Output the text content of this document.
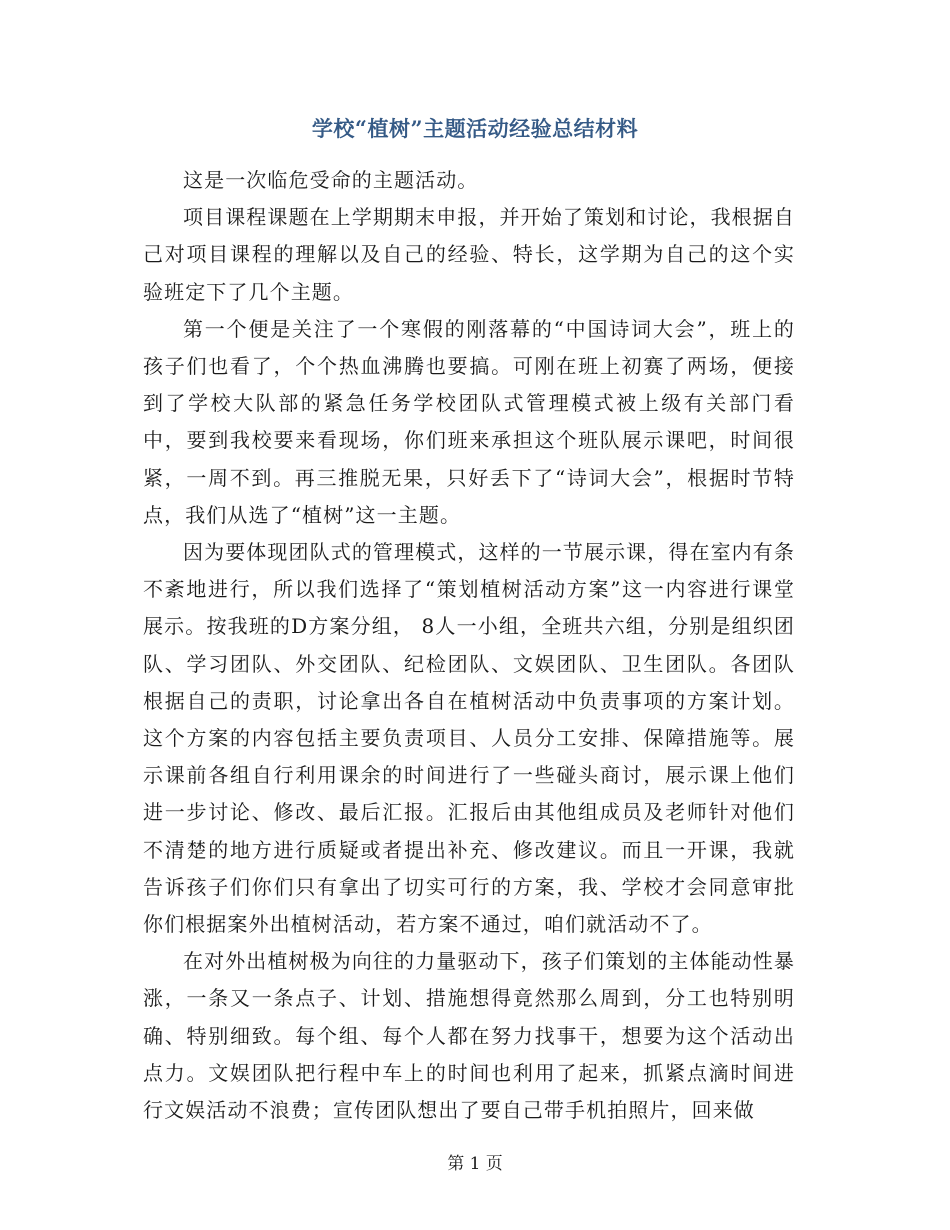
学校“植树”主题活动经验总结材料

这是一次临危受命的主题活动。

项目课程课题在上学期期末申报，并开始了策划和讨论，我根据自己对项目课程的理解以及自己的经验、特长，这学期为自己的这个实验班定下了几个主题。

第一个便是关注了一个寒假的刚落幕的“中国诗词大会”，班上的孩子们也看了，个个热血沸腾也要搞。可刚在班上初赛了两场，便接到了学校大队部的紧急任务学校团队式管理模式被上级有关部门看中，要到我校要来看现场，你们班来承担这个班队展示课吧，时间很紧，一周不到。再三推脱无果，只好丢下了“诗词大会”，根据时节特点，我们从选了“植树”这一主题。

因为要体现团队式的管理模式，这样的一节展示课，得在室内有条不紊地进行，所以我们选择了“策划植树活动方案”这一内容进行课堂展示。按我班的D方案分组， 8人一小组，全班共六组，分别是组织团队、学习团队、外交团队、纪检团队、文娱团队、卫生团队。各团队根据自己的责职，讨论拿出各自在植树活动中负责事项的方案计划。这个方案的内容包括主要负责项目、人员分工安排、保障措施等。展示课前各组自行利用课余的时间进行了一些碰头商讨，展示课上他们进一步讨论、修改、最后汇报。汇报后由其他组成员及老师针对他们不清楚的地方进行质疑或者提出补充、修改建议。而且一开课，我就告诉孩子们你们只有拿出了切实可行的方案，我、学校才会同意审批你们根据案外出植树活动，若方案不通过，咱们就活动不了。

在对外出植树极为向往的力量驱动下，孩子们策划的主体能动性暴涨，一条又一条点子、计划、措施想得竟然那么周到，分工也特别明确、特别细致。每个组、每个人都在努力找事干，想要为这个活动出点力。文娱团队把行程中车上的时间也利用了起来，抓紧点滴时间进行文娱活动不浪费；宣传团队想出了要自己带手机拍照片，回来做

第 1 页
